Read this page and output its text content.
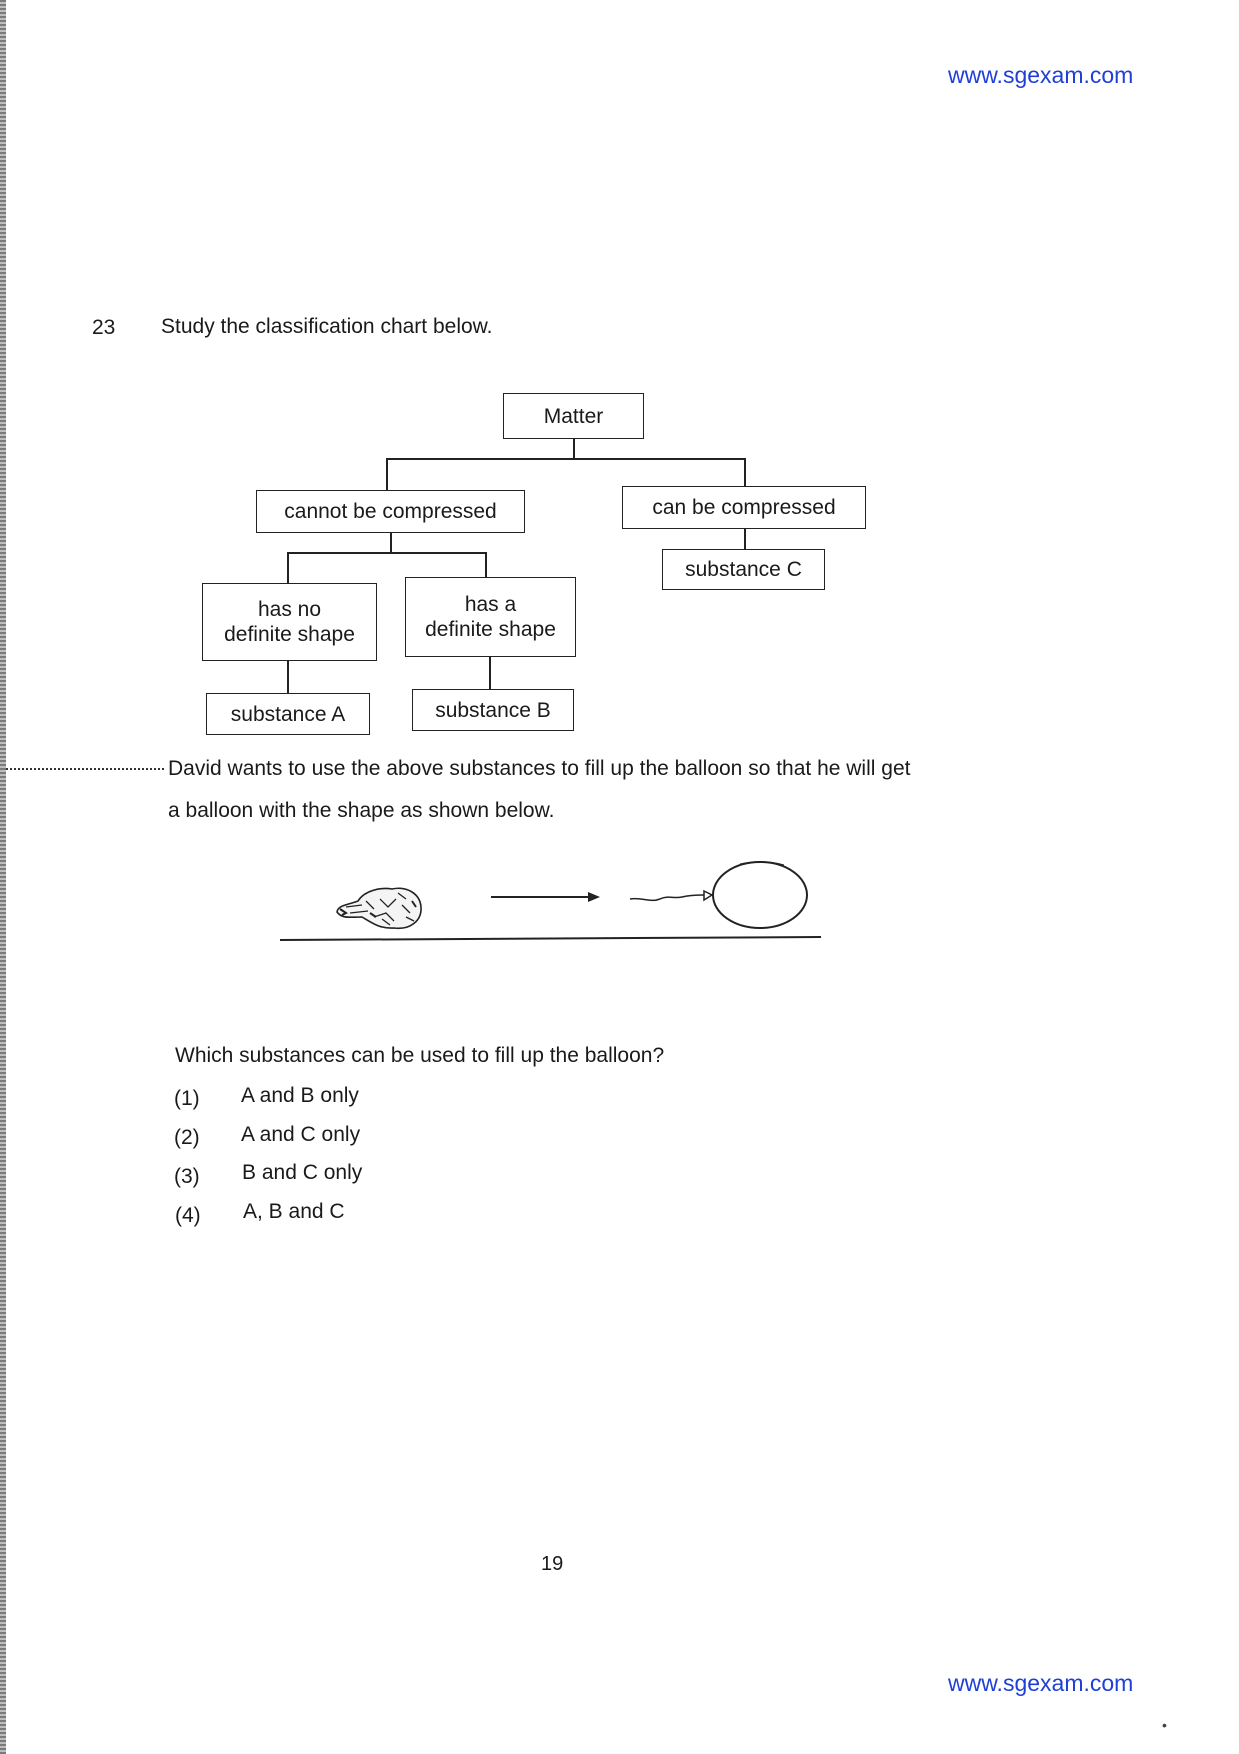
www.sgexam.com
23 Study the classification chart below.
Matter
cannot be compressed	can be compressed
substance C
has no
definite shape
has a
definite shape
substance A	substance B
David wants to use the above substances to fill up the balloon so that he will get
a balloon with the shape as shown below.
Which substances can be used to fill up the balloon?
(1) A and B only
(2) A and C only
(3) B and C only
(4) A, B and C
19
www.sgexam.com
•
